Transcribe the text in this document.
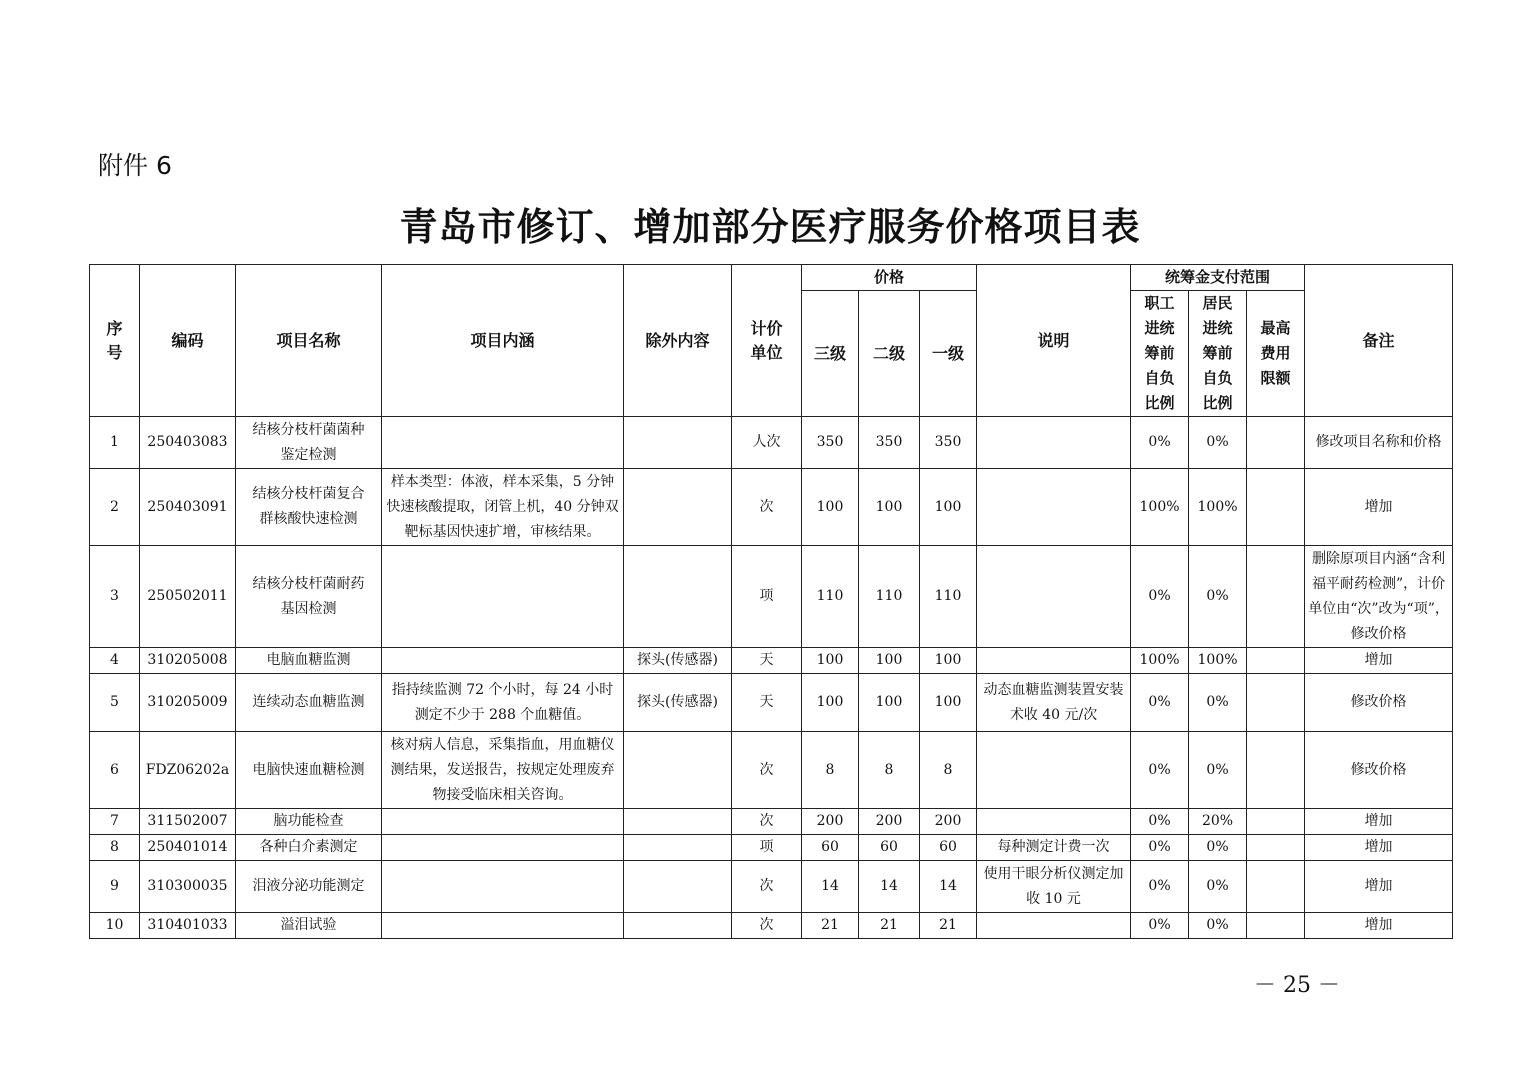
附件 6
青岛市修订、增加部分医疗服务价格项目表
序号	编码	项目名称	项目内涵	除外内容	计价单位	价格			说明	统筹金支付范围			备注
						三级	二级	一级		职工进统筹前自负比例	居民进统筹前自负比例	最高费用限额	
1	250403083	结核分枝杆菌菌种鉴定检测			人次	350	350	350		0%	0%		修改项目名称和价格
2	250403091	结核分枝杆菌复合群核酸快速检测	样本类型：体液，样本采集，5 分钟快速核酸提取，闭管上机，40 分钟双靶标基因快速扩增，审核结果。		次	100	100	100		100%	100%		增加
3	250502011	结核分枝杆菌耐药基因检测			项	110	110	110		0%	0%		删除原项目内涵“含利福平耐药检测”，计价单位由“次”改为“项”，修改价格
4	310205008	电脑血糖监测		探头(传感器)	天	100	100	100		100%	100%		增加
5	310205009	连续动态血糖监测	指持续监测 72 个小时，每 24 小时测定不少于 288 个血糖值。	探头(传感器)	天	100	100	100	动态血糖监测装置安装术收 40 元/次	0%	0%		修改价格
6	FDZ06202a	电脑快速血糖检测	核对病人信息，采集指血，用血糖仪测结果，发送报告，按规定处理废弃物接受临床相关咨询。		次	8	8	8		0%	0%		修改价格
7	311502007	脑功能检查			次	200	200	200		0%	20%		增加
8	250401014	各种白介素测定			项	60	60	60	每种测定计费一次	0%	0%		增加
9	310300035	泪液分泌功能测定			次	14	14	14	使用干眼分析仪测定加收 10 元	0%	0%		增加
10	310401033	溢泪试验			次	21	21	21		0%	0%		增加
－ 25 －
